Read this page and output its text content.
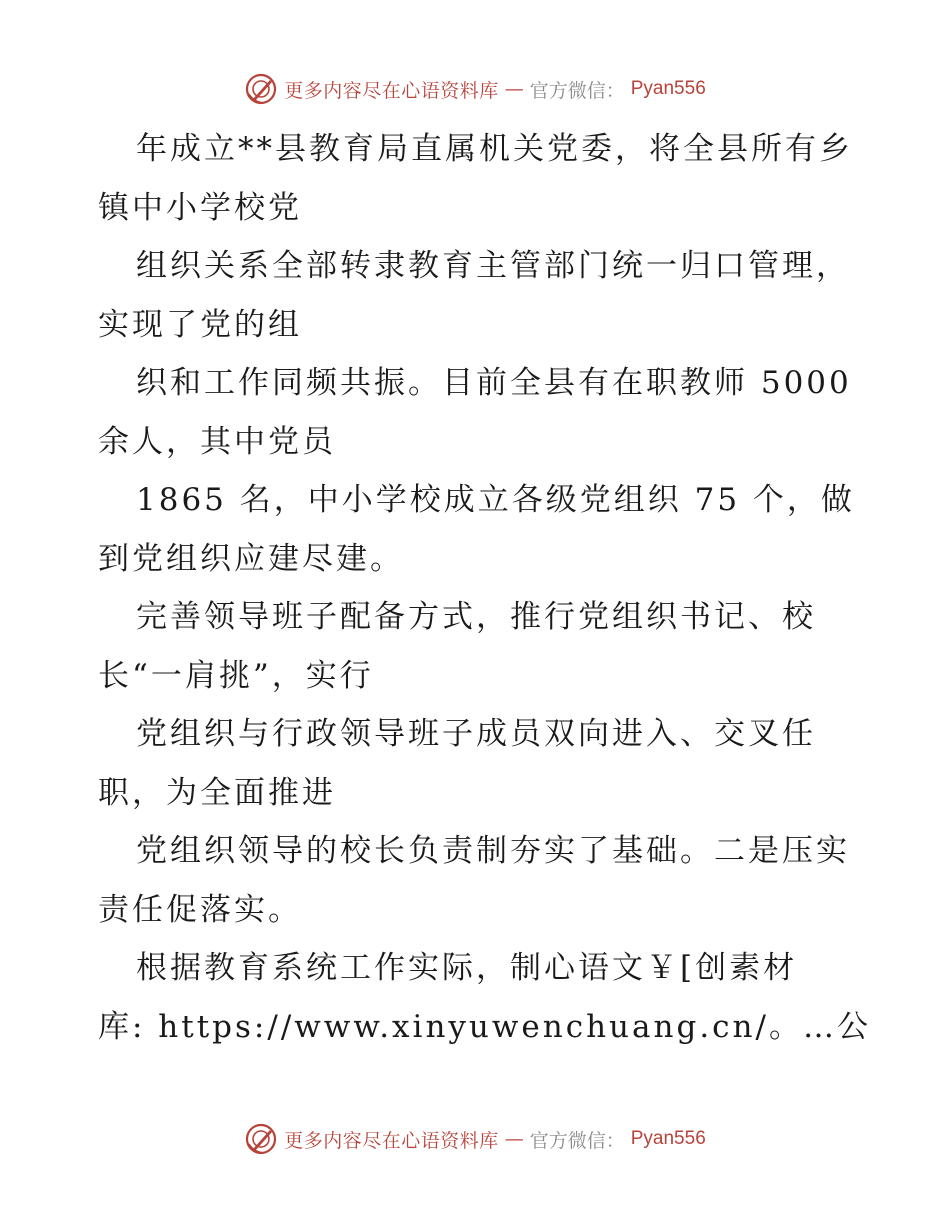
更多内容尽在心语资料库 — 官方微信： Pyan556
年成立**县教育局直属机关党委，将全县所有乡
镇中小学校党
组织关系全部转隶教育主管部门统一归口管理，
实现了党的组
织和工作同频共振。目前全县有在职教师 5000
余人，其中党员
1865 名，中小学校成立各级党组织 75 个，做
到党组织应建尽建。
完善领导班子配备方式，推行党组织书记、校
长“一肩挑”，实行
党组织与行政领导班子成员双向进入、交叉任
职，为全面推进
党组织领导的校长负责制夯实了基础。二是压实
责任促落实。
根据教育系统工作实际，制心语文￥[创素材
库: https://www.xinyuwenchuang.cn/。…公
更多内容尽在心语资料库 — 官方微信： Pyan556
